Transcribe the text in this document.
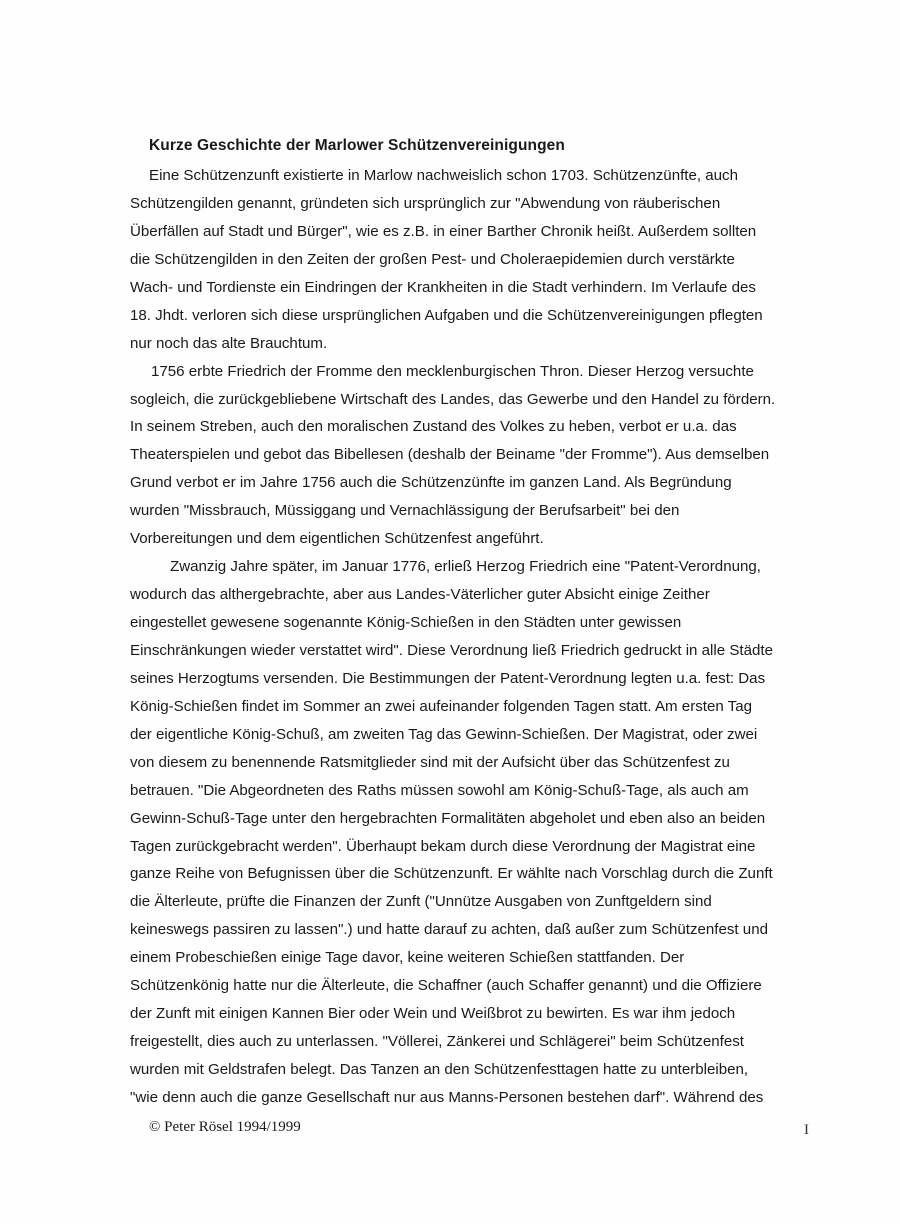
Kurze Geschichte der Marlower Schützenvereinigungen
Eine Schützenzunft existierte in Marlow nachweislich schon 1703. Schützenzünfte, auch
Schützengilden genannt, gründeten sich ursprünglich zur "Abwendung von räuberischen
Überfällen auf Stadt und Bürger", wie es z.B. in einer Barther Chronik heißt. Außerdem sollten
die Schützengilden in den Zeiten der großen Pest- und Choleraepidemien durch verstärkte
Wach- und Tordienste ein Eindringen der Krankheiten in die Stadt verhindern. Im Verlaufe des
18. Jhdt. verloren sich diese ursprünglichen Aufgaben und die Schützenvereinigungen pflegten
nur noch das alte Brauchtum.
1756 erbte Friedrich der Fromme den mecklenburgischen Thron. Dieser Herzog versuchte
sogleich, die zurückgebliebene Wirtschaft des Landes, das Gewerbe und den Handel zu fördern.
In seinem Streben, auch den moralischen Zustand des Volkes zu heben, verbot er u.a. das
Theaterspielen und gebot das Bibellesen (deshalb der Beiname "der Fromme"). Aus demselben
Grund verbot er im Jahre 1756 auch die Schützenzünfte im ganzen Land. Als Begründung
wurden "Missbrauch, Müssiggang und Vernachlässigung der Berufsarbeit" bei den
Vorbereitungen und dem eigentlichen Schützenfest angeführt.
Zwanzig Jahre später, im Januar 1776, erließ Herzog Friedrich eine "Patent-Verordnung,
wodurch das althergebrachte, aber aus Landes-Väterlicher guter Absicht einige Zeither
eingestellet gewesene sogenannte König-Schießen in den Städten unter gewissen
Einschränkungen wieder verstattet wird". Diese Verordnung ließ Friedrich gedruckt in alle Städte
seines Herzogtums versenden. Die Bestimmungen der Patent-Verordnung legten u.a. fest: Das
König-Schießen findet im Sommer an zwei aufeinander folgenden Tagen statt. Am ersten Tag
der eigentliche König-Schuß, am zweiten Tag das Gewinn-Schießen. Der Magistrat, oder zwei
von diesem zu benennende Ratsmitglieder sind mit der Aufsicht über das Schützenfest zu
betrauen. "Die Abgeordneten des Raths müssen sowohl am König-Schuß-Tage, als auch am
Gewinn-Schuß-Tage unter den hergebrachten Formalitäten abgeholet und eben also an beiden
Tagen zurückgebracht werden". Überhaupt bekam durch diese Verordnung der Magistrat eine
ganze Reihe von Befugnissen über die Schützenzunft. Er wählte nach Vorschlag durch die Zunft
die Älterleute, prüfte die Finanzen der Zunft ("Unnütze Ausgaben von Zunftgeldern sind
keineswegs passiren zu lassen".) und hatte darauf zu achten, daß außer zum Schützenfest und
einem Probeschießen einige Tage davor, keine weiteren Schießen stattfanden. Der
Schützenkönig hatte nur die Älterleute, die Schaffner (auch Schaffer genannt) und die Offiziere
der Zunft mit einigen Kannen Bier oder Wein und Weißbrot zu bewirten. Es war ihm jedoch
freigestellt, dies auch zu unterlassen. "Völlerei, Zänkerei und Schlägerei" beim Schützenfest
wurden mit Geldstrafen belegt. Das Tanzen an den Schützenfesttagen hatte zu unterbleiben,
"wie denn auch die ganze Gesellschaft nur aus Manns-Personen bestehen darf". Während des
© Peter Rösel 1994/1999	I
